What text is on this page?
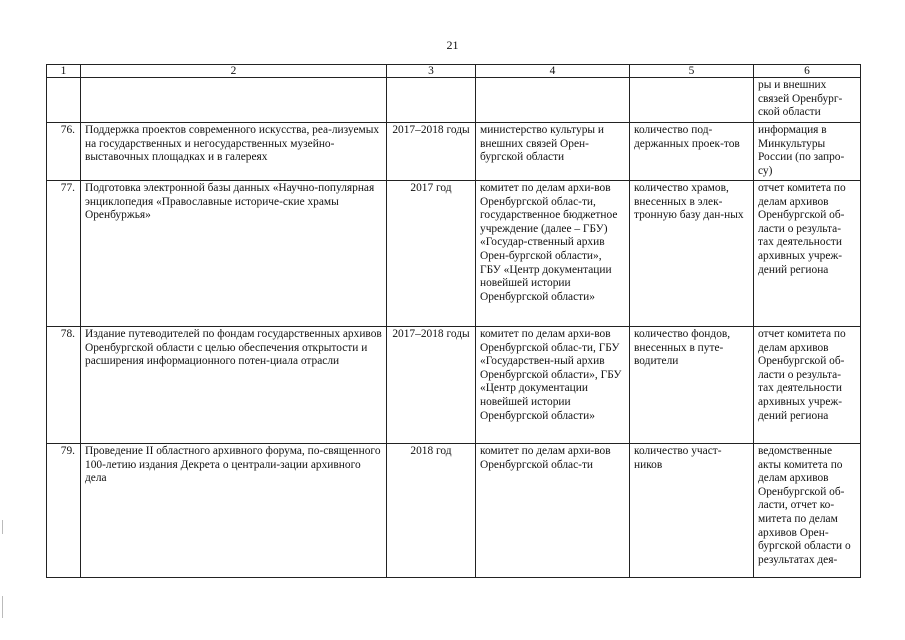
21
1	2	3	4	5	6
					ры и внешних связей Оренбург-ской области
76.	Поддержка проектов современного искусства, реа-лизуемых на государственных и негосударственных музейно-выставочных площадках и в галереях	2017–2018 годы	министерство культуры и внешних связей Орен-бургской области	количество под-держанных проек-тов	информация в Минкультуры России (по запро-су)
77.	Подготовка электронной базы данных «Научно-популярная энциклопедия «Православные историче-ские храмы Оренбуржья»	2017 год	комитет по делам архи-вов Оренбургской облас-ти, государственное бюджетное учреждение (далее – ГБУ) «Государ-ственный архив Орен-бургской области», ГБУ «Центр документации новейшей истории Оренбургской области»	количество храмов, внесенных в элек-тронную базу дан-ных	отчет комитета по делам архивов Оренбургской об-ласти о результа-тах деятельности архивных учреж-дений региона
78.	Издание путеводителей по фондам государственных архивов Оренбургской области с целью обеспечения открытости и расширения информационного потен-циала отрасли	2017–2018 годы	комитет по делам архи-вов Оренбургской облас-ти, ГБУ «Государствен-ный архив Оренбургской области», ГБУ «Центр документации новейшей истории Оренбургской области»	количество фондов, внесенных в путе-водители	отчет комитета по делам архивов Оренбургской об-ласти о результа-тах деятельности архивных учреж-дений региона
79.	Проведение II областного архивного форума, по-священного 100-летию издания Декрета о централи-зации архивного дела	2018 год	комитет по делам архи-вов Оренбургской облас-ти	количество участ-ников	ведомственные акты комитета по делам архивов Оренбургской об-ласти, отчет ко-митета по делам архивов Орен-бургской области о результатах дея-
